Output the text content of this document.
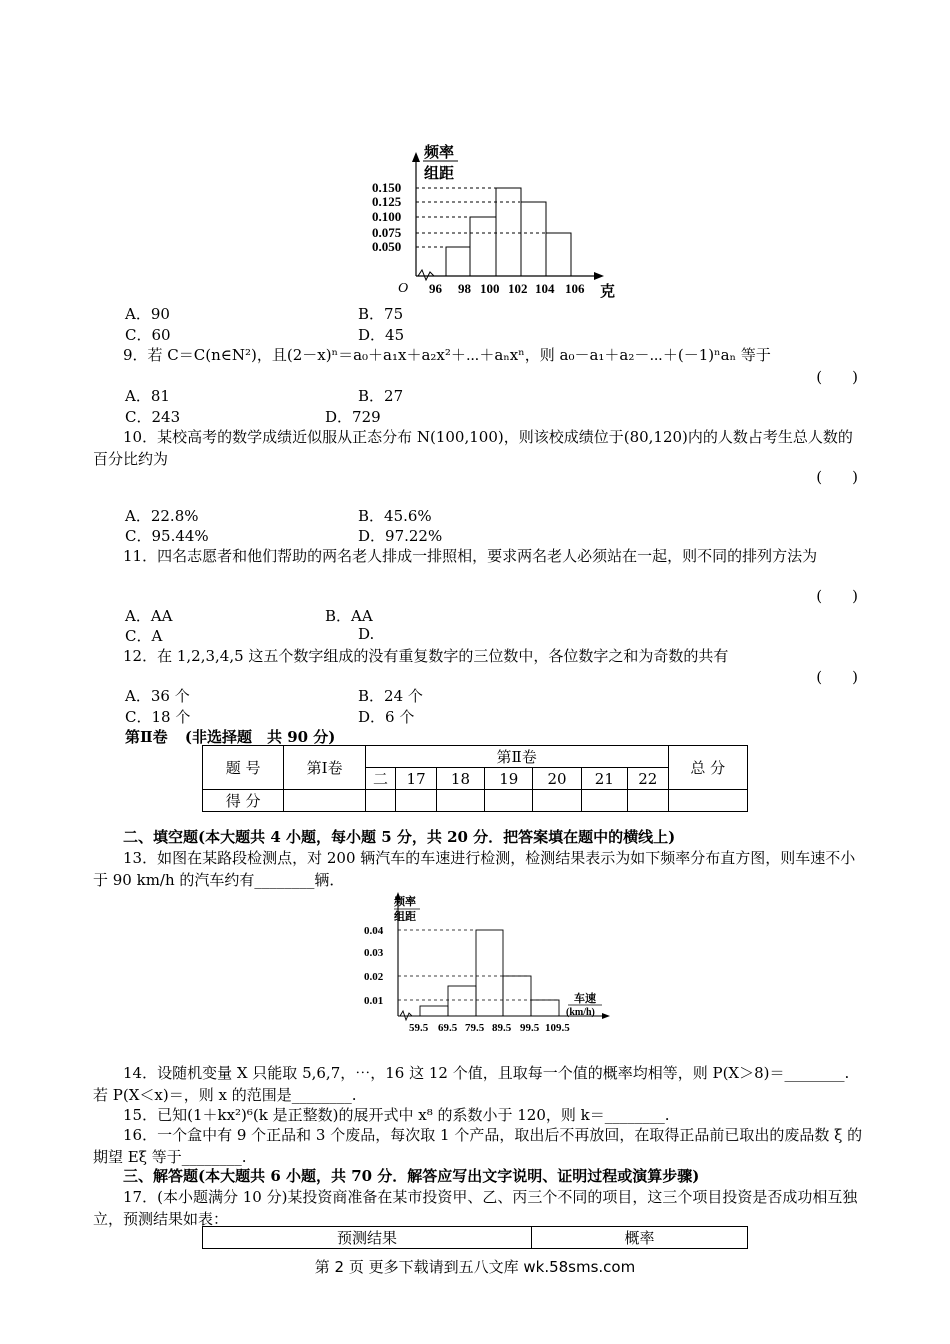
频率
组距
0.150
0.125
0.100
0.075
0.050
O 96 98 100 102 104 106 克
A．90	B．75
C．60	D．45
9．若 C＝C(n∈N²)，且(2－x)ⁿ＝a₀＋a₁x＋a₂x²＋⋯＋aₙxⁿ，则 a₀－a₁＋a₂－⋯＋(－1)ⁿaₙ 等于
(　　)
A．81	B．27
C．243	D．729
10．某校高考的数学成绩近似服从正态分布 N(100,100)，则该校成绩位于(80,120)内的人数占考生总人数的百分比约为
(　　)
A．22.8%	B．45.6%
C．95.44%	D．97.22%
11．四名志愿者和他们帮助的两名老人排成一排照相，要求两名老人必须站在一起，则不同的排列方法为
(　　)
A．AA	B．AA
C．A	D.
12．在 1,2,3,4,5 这五个数字组成的没有重复数字的三位数中，各位数字之和为奇数的共有
(　　)
A．36 个	B．24 个
C．18 个	D．6 个
第Ⅱ卷 (非选择题　共 90 分)
题 号	第Ⅰ卷	第Ⅱ卷							总 分
		二	17	18	19	20	21	22	
得 分									
二、填空题(本大题共 4 小题，每小题 5 分，共 20 分．把答案填在题中的横线上)
13．如图在某路段检测点，对 200 辆汽车的车速进行检测，检测结果表示为如下频率分布直方图，则车速不小于 90 km/h 的汽车约有________辆．
频率
组距
0.04
0.03
0.02
0.01
59.5 69.5 79.5 89.5 99.5 109.5
车速
(km/h)
14．设随机变量 X 只能取 5,6,7，⋯，16 这 12 个值，且取每一个值的概率均相等，则 P(X＞8)＝________.若 P(X＜x)＝，则 x 的范围是________.
15．已知(1＋kx²)⁶(k 是正整数)的展开式中 x⁸ 的系数小于 120，则 k＝________.
16．一个盒中有 9 个正品和 3 个废品，每次取 1 个产品，取出后不再放回，在取得正品前已取出的废品数 ξ 的期望 Eξ 等于________.
三、解答题(本大题共 6 小题，共 70 分．解答应写出文字说明、证明过程或演算步骤)
17．(本小题满分 10 分)某投资商准备在某市投资甲、乙、丙三个不同的项目，这三个项目投资是否成功相互独立，预测结果如表：
预测结果	概率
第 2 页 更多下载请到五八文库 wk.58sms.com
